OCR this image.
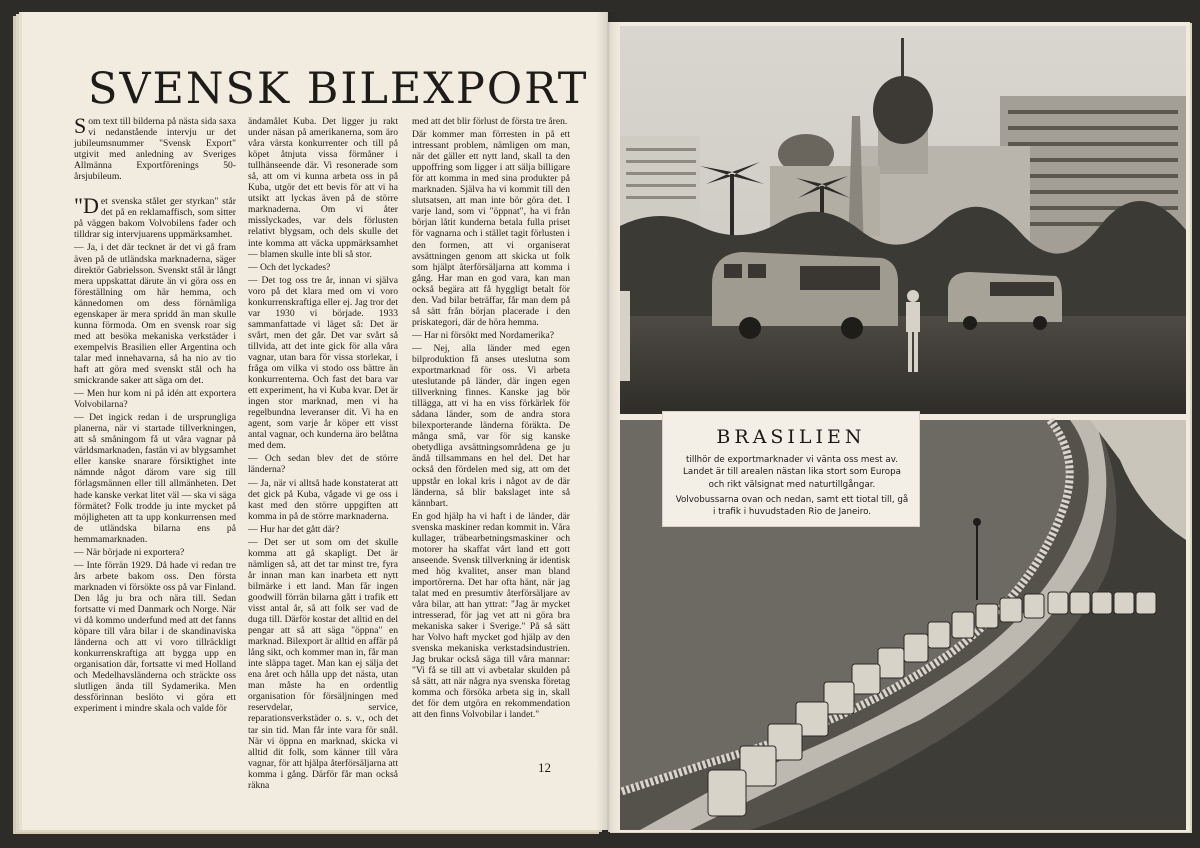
SVENSK BILEXPORT

Som text till bilderna på nästa sida saxa vi nedanstående intervju ur det jubileumsnummer "Svensk Export" utgivit med anledning av Sveriges Allmänna Exportförenings 50-årsjubileum.

"Det svenska stålet ger styrkan" står det på en reklamaffisch, som sitter på väggen bakom Volvobilens fader och tilldrar sig intervjuarens uppmärksamhet.

— Ja, i det där tecknet är det vi gå fram även på de utländska marknaderna, säger direktör Gabrielsson. Svenskt stål är långt mera uppskattat därute än vi göra oss en föreställning om här hemma, och kännedomen om dess förnämliga egenskaper är mera spridd än man skulle kunna förmoda. Om en svensk roar sig med att besöka mekaniska verkstäder i exempelvis Brasilien eller Argentina och talar med innehavarna, så ha nio av tio haft att göra med svenskt stål och ha smickrande saker att säga om det.

— Men hur kom ni på idén att exportera Volvobilarna?

— Det ingick redan i de ursprungliga planerna, när vi startade tillverkningen, att så småningom få ut våra vagnar på världsmarknaden, fastän vi av blygsamhet eller kanske snarare försiktighet inte nämnde något därom vare sig till förlagsmännen eller till allmänheten. Det hade kanske verkat litet väl — ska vi säga förmätet? Folk trodde ju inte mycket på möjligheten att ta upp konkurrensen med de utländska bilarna ens på hemmamarknaden.

— När började ni exportera?

— Inte förrän 1929. Då hade vi redan tre års arbete bakom oss. Den första marknaden vi försökte oss på var Finland. Den låg ju bra och nära till. Sedan fortsatte vi med Danmark och Norge. När vi då kommo underfund med att det fanns köpare till våra bilar i de skandinaviska länderna och att vi voro tillräckligt konkurrenskraftiga att bygga upp en organisation där, fortsatte vi med Holland och Medelhavsländerna och sträckte oss slutligen ända till Sydamerika. Men dessförinnan beslöto vi göra ett experiment i mindre skala och valde för

ändamålet Kuba. Det ligger ju rakt under näsan på amerikanerna, som äro våra värsta konkurrenter och till på köpet åtnjuta vissa förmåner i tullhänseende där. Vi resonerade som så, att om vi kunna arbeta oss in på Kuba, utgör det ett bevis för att vi ha utsikt att lyckas även på de större marknaderna. Om vi åter misslyckades, var dels förlusten relativt blygsam, och dels skulle det inte komma att väcka uppmärksamhet — blamen skulle inte bli så stor.

— Och det lyckades?

— Det tog oss tre år, innan vi själva voro på det klara med om vi voro konkurrenskraftiga eller ej. Jag tror det var 1930 vi började. 1933 sammanfattade vi läget så: Det är svårt, men det går. Det var svårt så tillvida, att det inte gick för alla våra vagnar, utan bara för vissa storlekar, i fråga om vilka vi stodo oss bättre än konkurrenterna. Och fast det bara var ett experiment, ha vi Kuba kvar. Det är ingen stor marknad, men vi ha regelbundna leveranser dit. Vi ha en agent, som varje år köper ett visst antal vagnar, och kunderna äro belåtna med dem.

— Och sedan blev det de större länderna?

— Ja, när vi alltså hade konstaterat att det gick på Kuba, vågade vi ge oss i kast med den större uppgiften att komma in på de större marknaderna.

— Hur har det gått där?

— Det ser ut som om det skulle komma att gå skapligt. Det är nämligen så, att det tar minst tre, fyra år innan man kan inarbeta ett nytt bilmärke i ett land. Man får ingen goodwill förrän bilarna gått i trafik ett visst antal år, så att folk ser vad de duga till. Därför kostar det alltid en del pengar att så att säga "öppna" en marknad. Bilexport är alltid en affär på lång sikt, och kommer man in, får man inte släppa taget. Man kan ej sälja det ena året och hålla upp det nästa, utan man måste ha en ordentlig organisation för försäljningen med reservdelar, service, reparationsverkstäder o. s. v., och det tar sin tid. Man får inte vara för snål. När vi öppna en marknad, skicka vi alltid dit folk, som känner till våra vagnar, för att hjälpa återförsäljarna att komma i gång. Därför får man också räkna

med att det blir förlust de första tre åren.

Där kommer man förresten in på ett intressant problem, nämligen om man, när det gäller ett nytt land, skall ta den uppoffring som ligger i att sälja billigare för att komma in med sina produkter på marknaden. Själva ha vi kommit till den slutsatsen, att man inte bör göra det. I varje land, som vi "öppnat", ha vi från början låtit kunderna betala fulla priset för vagnarna och i stället tagit förlusten i den formen, att vi organiserat avsättningen genom att skicka ut folk som hjälpt återförsäljarna att komma i gång. Har man en god vara, kan man också begära att få hyggligt betalt för den. Vad bilar beträffar, får man dem på så sätt från början placerade i den priskategori, där de höra hemma.

— Har ni försökt med Nordamerika?

— Nej, alla länder med egen bilproduktion få anses uteslutna som exportmarknad för oss. Vi arbeta uteslutande på länder, där ingen egen tillverkning finnes. Kanske jag bör tillägga, att vi ha en viss förkärlek för sådana länder, som de andra stora bilexporterande länderna föräkta. De många små, var för sig kanske obetydliga avsättningsområdena ge ju ändå tillsammans en hel del. Det har också den fördelen med sig, att om det uppstår en lokal kris i något av de där länderna, så blir bakslaget inte så kännbart.

En god hjälp ha vi haft i de länder, där svenska maskiner redan kommit in. Våra kullager, träbearbetningsmaskiner och motorer ha skaffat vårt land ett gott anseende. Svensk tillverkning är identisk med hög kvalitet, anser man bland importörerna. Det har ofta hänt, när jag talat med en presumtiv återförsäljare av våra bilar, att han yttrat: "Jag är mycket intresserad, för jag vet att ni göra bra mekaniska saker i Sverige." På så sätt har Volvo haft mycket god hjälp av den svenska mekaniska verkstadsindustrien. Jag brukar också säga till våra mannar: "Vi få se till att vi avbetalar skulden på så sätt, att när några nya svenska företag komma och försöka arbeta sig in, skall det för dem utgöra en rekommendation att den finns Volvobilar i landet."

12
BRASILIEN

tillhör de exportmarknader vi vänta oss mest av. Landet är till arealen nästan lika stort som Europa och rikt välsignat med naturtillgångar.

Volvobussarna ovan och nedan, samt ett tiotal till, gå i trafik i huvudstaden Rio de Janeiro.
